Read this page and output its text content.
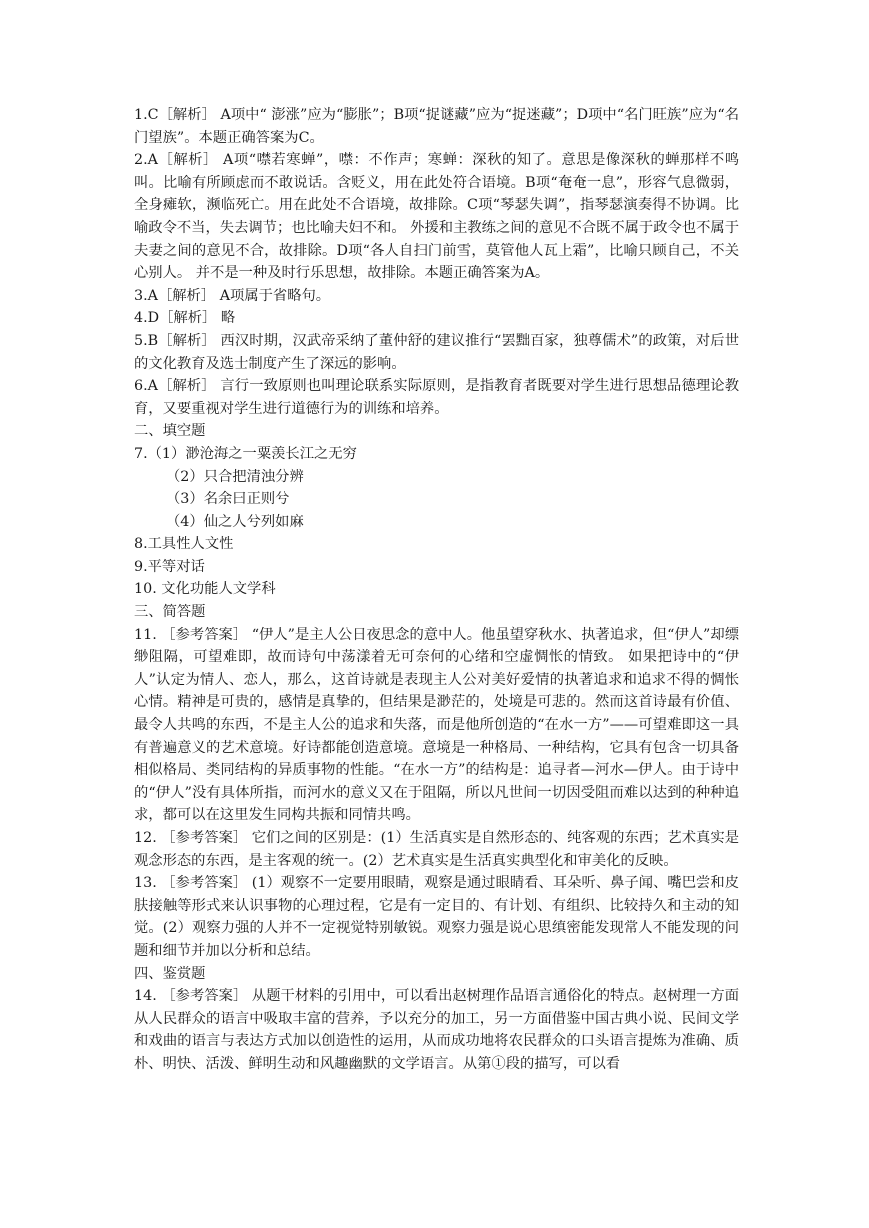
1.C［解析］ A项中“ 澎涨”应为“膨胀”；B项“捉谜藏”应为“捉迷藏”；D项中“名门旺族”应为“名门望族”。本题正确答案为C。

2.A［解析］ A项“噤若寒蝉”，噤：不作声；寒蝉：深秋的知了。意思是像深秋的蝉那样不鸣叫。比喻有所顾虑而不敢说话。含贬义，用在此处符合语境。B项“奄奄一息”，形容气息微弱，全身瘫软，濒临死亡。用在此处不合语境，故排除。C项“琴瑟失调”，指琴瑟演奏得不协调。比喻政令不当，失去调节；也比喻夫妇不和。 外援和主教练之间的意见不合既不属于政令也不属于夫妻之间的意见不合，故排除。D项“各人自扫门前雪，莫管他人瓦上霜”，比喻只顾自己，不关心别人。 并不是一种及时行乐思想，故排除。本题正确答案为A。

3.A［解析］ A项属于省略句。

4.D［解析］ 略

5.B［解析］ 西汉时期，汉武帝采纳了董仲舒的建议推行“罢黜百家，独尊儒术”的政策，对后世的文化教育及选士制度产生了深远的影响。

6.A［解析］ 言行一致原则也叫理论联系实际原则，是指教育者既要对学生进行思想品德理论教育，又要重视对学生进行道德行为的训练和培养。

二、填空题

7.（1）渺沧海之一粟羡长江之无穷

（2）只合把清浊分辨

（3）名余曰正则兮

（4）仙之人兮列如麻

8.工具性人文性

9.平等对话

10. 文化功能人文学科

三、简答题

11. ［参考答案］ “伊人”是主人公日夜思念的意中人。他虽望穿秋水、执著追求，但“伊人”却缥缈阻隔，可望难即，故而诗句中荡漾着无可奈何的心绪和空虚惆怅的情致。 如果把诗中的“伊人”认定为情人、恋人，那么，这首诗就是表现主人公对美好爱情的执著追求和追求不得的惆怅心情。精神是可贵的，感情是真挚的，但结果是渺茫的，处境是可悲的。然而这首诗最有价值、最令人共鸣的东西，不是主人公的追求和失落，而是他所创造的“在水一方”——可望难即这一具有普遍意义的艺术意境。好诗都能创造意境。意境是一种格局、一种结构，它具有包含一切具备相似格局、类同结构的异质事物的性能。“在水一方”的结构是：追寻者—河水—伊人。由于诗中的“伊人”没有具体所指，而河水的意义又在于阻隔，所以凡世间一切因受阻而难以达到的种种追求，都可以在这里发生同构共振和同情共鸣。

12. ［参考答案］ 它们之间的区别是：(1）生活真实是自然形态的、纯客观的东西；艺术真实是观念形态的东西，是主客观的统一。(2）艺术真实是生活真实典型化和审美化的反映。

13. ［参考答案］ (1）观察不一定要用眼睛，观察是通过眼睛看、耳朵听、鼻子闻、嘴巴尝和皮肤接触等形式来认识事物的心理过程，它是有一定目的、有计划、有组织、比较持久和主动的知觉。(2）观察力强的人并不一定视觉特别敏锐。观察力强是说心思缜密能发现常人不能发现的问题和细节并加以分析和总结。

四、鉴赏题

14. ［参考答案］ 从题干材料的引用中，可以看出赵树理作品语言通俗化的特点。赵树理一方面从人民群众的语言中吸取丰富的营养，予以充分的加工，另一方面借鉴中国古典小说、民间文学和戏曲的语言与表达方式加以创造性的运用，从而成功地将农民群众的口头语言提炼为准确、质朴、明快、活泼、鲜明生动和风趣幽默的文学语言。从第①段的描写，可以看
